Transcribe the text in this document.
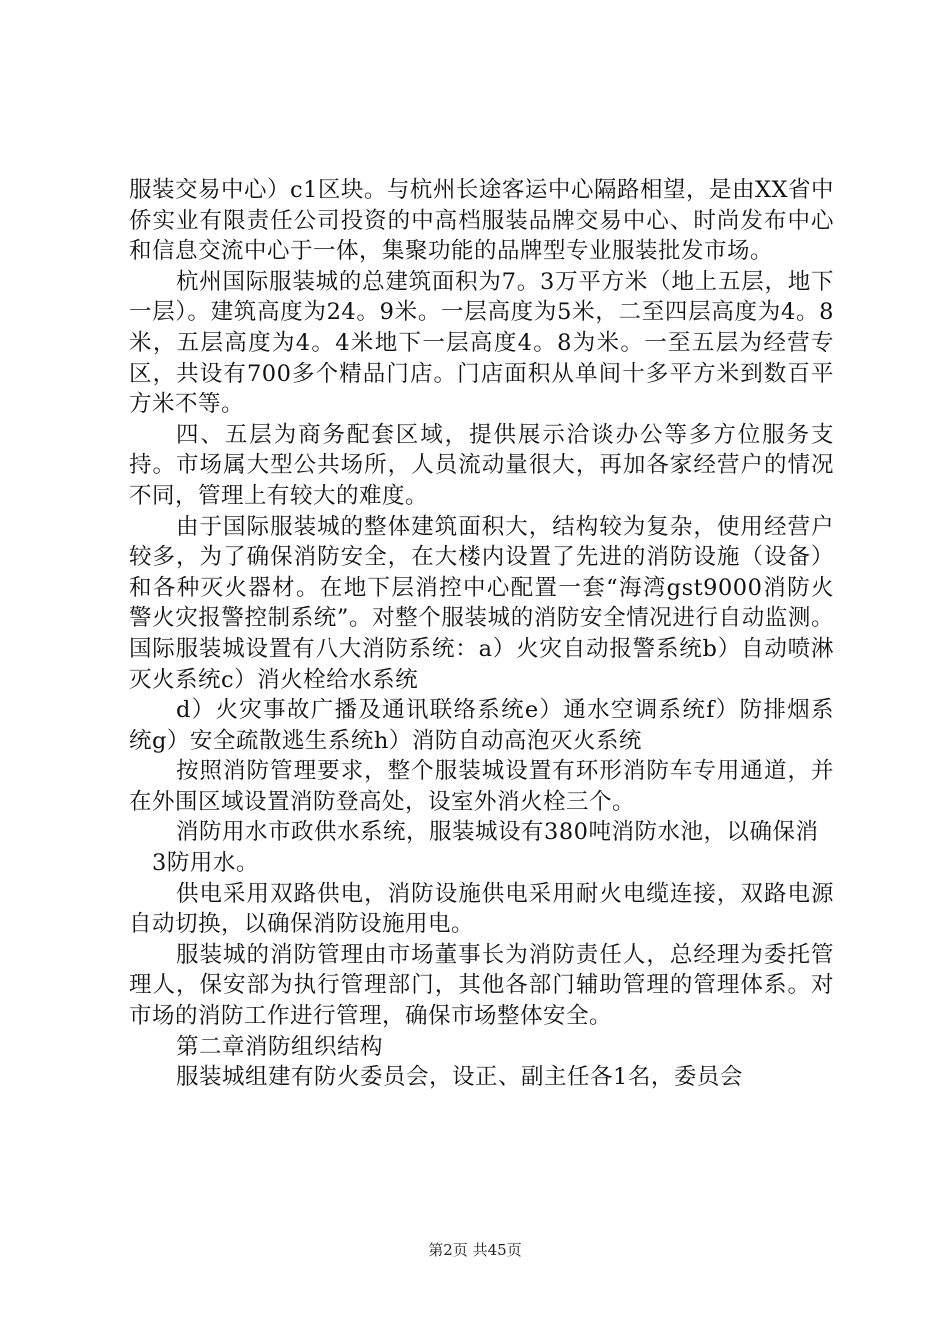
服装交易中心）c1区块。与杭州长途客运中心隔路相望，是由XX省中侨实业有限责任公司投资的中高档服装品牌交易中心、时尚发布中心和信息交流中心于一体，集聚功能的品牌型专业服装批发市场。

杭州国际服装城的总建筑面积为7。3万平方米（地上五层，地下一层）。建筑高度为24。9米。一层高度为5米，二至四层高度为4。8米，五层高度为4。4米地下一层高度4。8为米。一至五层为经营专区，共设有700多个精品门店。门店面积从单间十多平方米到数百平方米不等。

四、五层为商务配套区域，提供展示洽谈办公等多方位服务支持。市场属大型公共场所，人员流动量很大，再加各家经营户的情况不同，管理上有较大的难度。

由于国际服装城的整体建筑面积大，结构较为复杂，使用经营户较多，为了确保消防安全，在大楼内设置了先进的消防设施（设备）和各种灭火器材。在地下层消控中心配置一套“海湾gst9000消防火警火灾报警控制系统”。对整个服装城的消防安全情况进行自动监测。国际服装城设置有八大消防系统：a）火灾自动报警系统b）自动喷淋灭火系统c）消火栓给水系统

d）火灾事故广播及通讯联络系统e）通水空调系统f）防排烟系统g）安全疏散逃生系统h）消防自动高泡灭火系统

按照消防管理要求，整个服装城设置有环形消防车专用通道，并在外围区域设置消防登高处，设室外消火栓三个。

消防用水市政供水系统，服装城设有380吨消防水池，以确保消

3防用水。

供电采用双路供电，消防设施供电采用耐火电缆连接，双路电源自动切换，以确保消防设施用电。

服装城的消防管理由市场董事长为消防责任人，总经理为委托管理人，保安部为执行管理部门，其他各部门辅助管理的管理体系。对市场的消防工作进行管理，确保市场整体安全。

第二章消防组织结构

服装城组建有防火委员会，设正、副主任各1名，委员会

第2页 共45页
